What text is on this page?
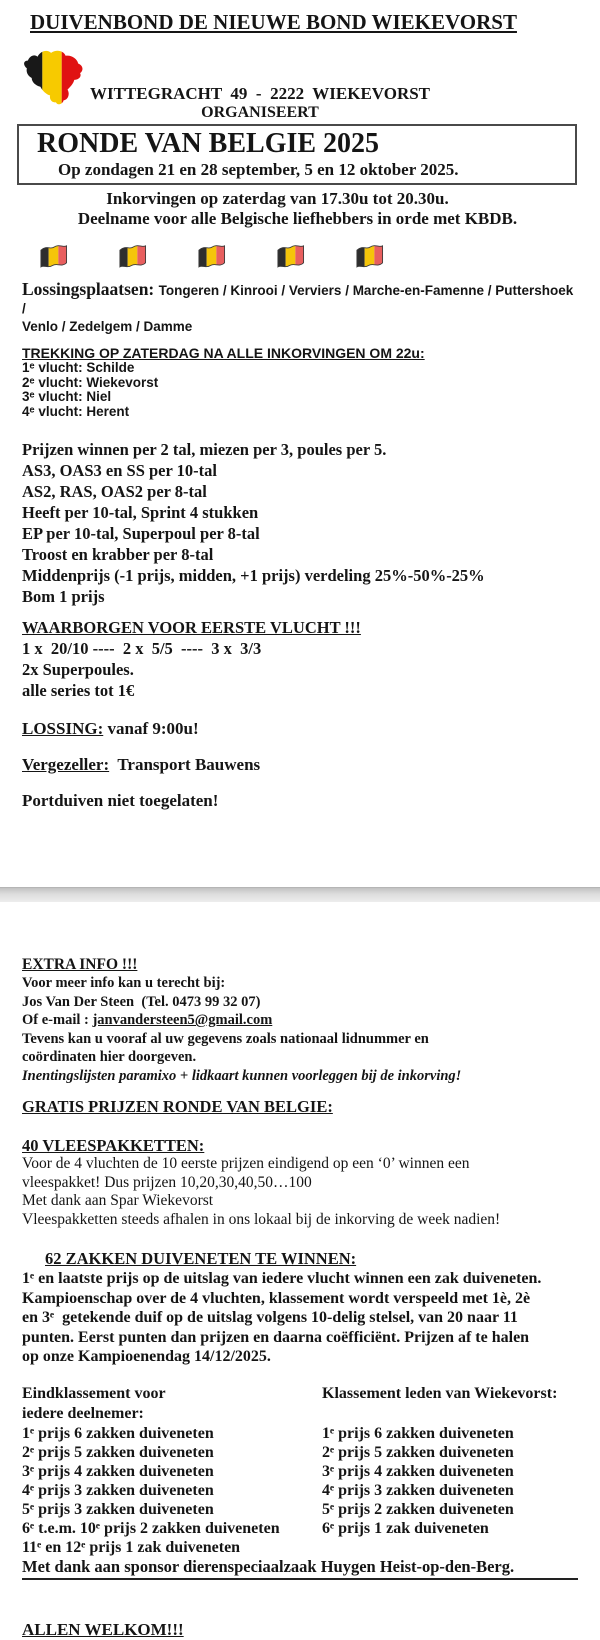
DUIVENBOND DE NIEUWE BOND WIEKEVORST
WITTEGRACHT  49  -  2222  WIEKEVORST
ORGANISEERT
RONDE VAN BELGIE 2025
Op zondagen 21 en 28 september, 5 en 12 oktober 2025.
Inkorvingen op zaterdag van 17.30u tot 20.30u.
Deelname voor alle Belgische liefhebbers in orde met KBDB.
Lossingsplaatsen: Tongeren / Kinrooi / Verviers / Marche-en-Famenne / Puttershoek /
Venlo / Zedelgem / Damme
TREKKING OP ZATERDAG NA ALLE INKORVINGEN OM 22u:
1ᵉ vlucht: Schilde
2ᵉ vlucht: Wiekevorst
3ᵉ vlucht: Niel
4ᵉ vlucht: Herent
Prijzen winnen per 2 tal, miezen per 3, poules per 5.
AS3, OAS3 en SS per 10-tal
AS2, RAS, OAS2 per 8-tal
Heeft per 10-tal, Sprint 4 stukken
EP per 10-tal, Superpoul per 8-tal
Troost en krabber per 8-tal
Middenprijs (-1 prijs, midden, +1 prijs) verdeling 25%-50%-25%
Bom 1 prijs
WAARBORGEN VOOR EERSTE VLUCHT !!!
1 x  20/10 ----  2 x  5/5  ----  3 x  3/3
2x Superpoules.
alle series tot 1€
LOSSING: vanaf 9:00u!
Vergezeller:  Transport Bauwens
Portduiven niet toegelaten!
EXTRA INFO !!!
Voor meer info kan u terecht bij:
Jos Van Der Steen  (Tel. 0473 99 32 07)
Of e-mail : janvandersteen5@gmail.com
Tevens kan u vooraf al uw gegevens zoals nationaal lidnummer en
coördinaten hier doorgeven.
Inentingslijsten paramixo + lidkaart kunnen voorleggen bij de inkorving!
GRATIS PRIJZEN RONDE VAN BELGIE:
40 VLEESPAKKETTEN:
Voor de 4 vluchten de 10 eerste prijzen eindigend op een ‘0’ winnen een
vleespakket! Dus prijzen 10,20,30,40,50…100
Met dank aan Spar Wiekevorst
Vleespakketten steeds afhalen in ons lokaal bij de inkorving de week nadien!
62 ZAKKEN DUIVENETEN TE WINNEN:
1ᵉ en laatste prijs op de uitslag van iedere vlucht winnen een zak duiveneten.
Kampioenschap over de 4 vluchten, klassement wordt verspeeld met 1è, 2è
en 3ᵉ  getekende duif op de uitslag volgens 10-delig stelsel, van 20 naar 11
punten. Eerst punten dan prijzen en daarna coëfficiënt. Prijzen af te halen
op onze Kampioenendag 14/12/2025.
Eindklassement voor
iedere deelnemer:
1ᵉ prijs 6 zakken duiveneten
2ᵉ prijs 5 zakken duiveneten
3ᵉ prijs 4 zakken duiveneten
4ᵉ prijs 3 zakken duiveneten
5ᵉ prijs 3 zakken duiveneten
6ᵉ t.e.m. 10ᵉ prijs 2 zakken duiveneten
11ᵉ en 12ᵉ prijs 1 zak duiveneten
Klassement leden van Wiekevorst:
1ᵉ prijs 6 zakken duiveneten
2ᵉ prijs 5 zakken duiveneten
3ᵉ prijs 4 zakken duiveneten
4ᵉ prijs 3 zakken duiveneten
5ᵉ prijs 2 zakken duiveneten
6ᵉ prijs 1 zak duiveneten
Met dank aan sponsor dierenspeciaalzaak Huygen Heist-op-den-Berg.
ALLEN WELKOM!!!
